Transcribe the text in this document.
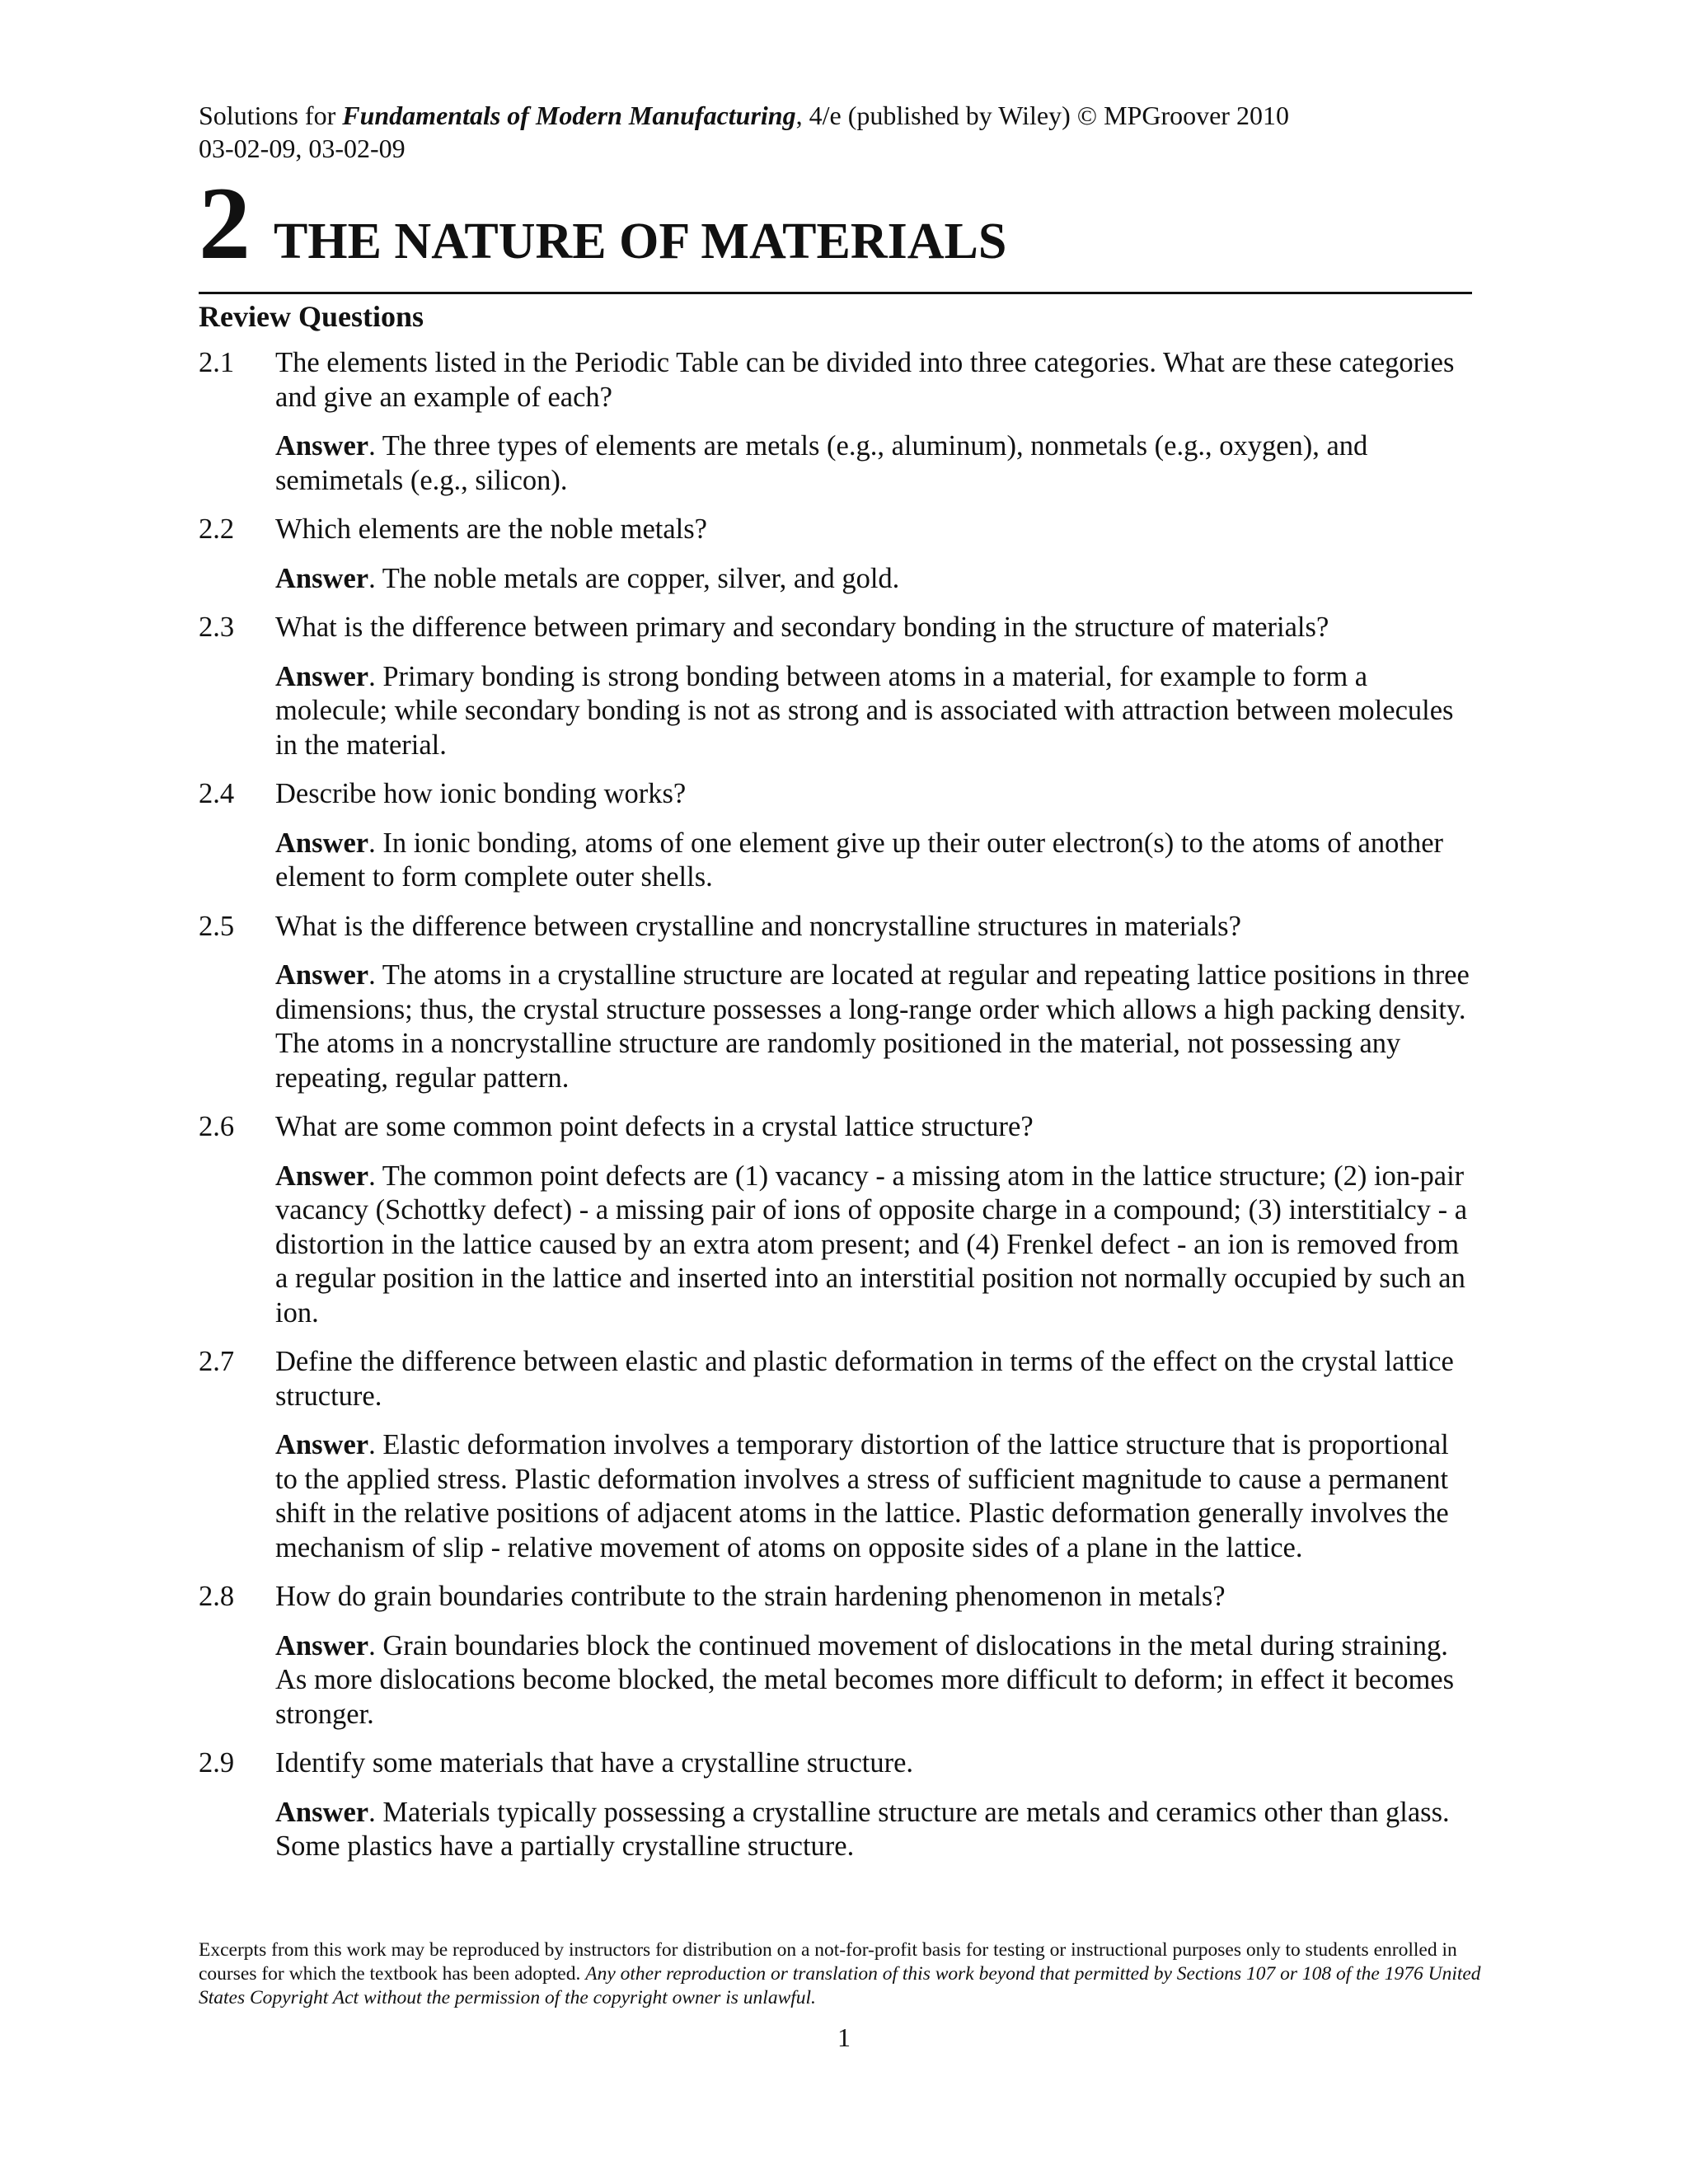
Solutions for Fundamentals of Modern Manufacturing, 4/e (published by Wiley) © MPGroover 2010
03-02-09, 03-02-09
2 THE NATURE OF MATERIALS
Review Questions
2.1 The elements listed in the Periodic Table can be divided into three categories. What are these categories and give an example of each?
Answer. The three types of elements are metals (e.g., aluminum), nonmetals (e.g., oxygen), and semimetals (e.g., silicon).
2.2 Which elements are the noble metals?
Answer. The noble metals are copper, silver, and gold.
2.3 What is the difference between primary and secondary bonding in the structure of materials?
Answer. Primary bonding is strong bonding between atoms in a material, for example to form a molecule; while secondary bonding is not as strong and is associated with attraction between molecules in the material.
2.4 Describe how ionic bonding works?
Answer. In ionic bonding, atoms of one element give up their outer electron(s) to the atoms of another element to form complete outer shells.
2.5 What is the difference between crystalline and noncrystalline structures in materials?
Answer. The atoms in a crystalline structure are located at regular and repeating lattice positions in three dimensions; thus, the crystal structure possesses a long-range order which allows a high packing density. The atoms in a noncrystalline structure are randomly positioned in the material, not possessing any repeating, regular pattern.
2.6 What are some common point defects in a crystal lattice structure?
Answer. The common point defects are (1) vacancy - a missing atom in the lattice structure; (2) ion-pair vacancy (Schottky defect) - a missing pair of ions of opposite charge in a compound; (3) interstitialcy - a distortion in the lattice caused by an extra atom present; and (4) Frenkel defect - an ion is removed from a regular position in the lattice and inserted into an interstitial position not normally occupied by such an ion.
2.7 Define the difference between elastic and plastic deformation in terms of the effect on the crystal lattice structure.
Answer. Elastic deformation involves a temporary distortion of the lattice structure that is proportional to the applied stress. Plastic deformation involves a stress of sufficient magnitude to cause a permanent shift in the relative positions of adjacent atoms in the lattice. Plastic deformation generally involves the mechanism of slip - relative movement of atoms on opposite sides of a plane in the lattice.
2.8 How do grain boundaries contribute to the strain hardening phenomenon in metals?
Answer. Grain boundaries block the continued movement of dislocations in the metal during straining. As more dislocations become blocked, the metal becomes more difficult to deform; in effect it becomes stronger.
2.9 Identify some materials that have a crystalline structure.
Answer. Materials typically possessing a crystalline structure are metals and ceramics other than glass. Some plastics have a partially crystalline structure.
Excerpts from this work may be reproduced by instructors for distribution on a not-for-profit basis for testing or instructional purposes only to students enrolled in courses for which the textbook has been adopted. Any other reproduction or translation of this work beyond that permitted by Sections 107 or 108 of the 1976 United States Copyright Act without the permission of the copyright owner is unlawful.
1
